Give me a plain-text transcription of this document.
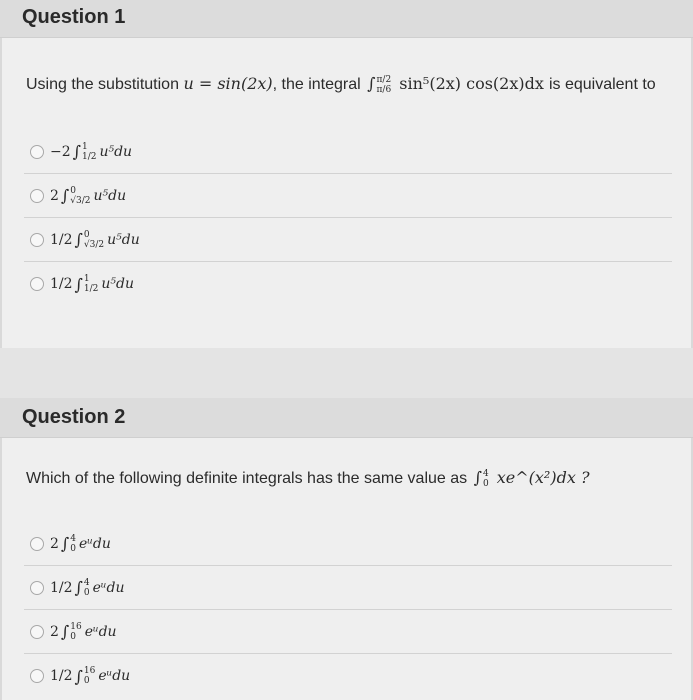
Question 1
Using the substitution u = sin(2x), the integral ∫ π/2
π/6 sin⁵(2x) cos(2x)dx is equivalent to
−2 ∫ 1
1/2 u⁵du
2 ∫ 0
√3/2 u⁵du
1/2 ∫ 0
√3/2 u⁵du
1/2 ∫ 1
1/2 u⁵du
Question 2
Which of the following definite integrals has the same value as ∫ 4
0 xe^(x²)dx ?
2 ∫ 4
0 eᵘdu
1/2 ∫ 4
0 eᵘdu
2 ∫ 16
0 eᵘdu
1/2 ∫ 16
0 eᵘdu
